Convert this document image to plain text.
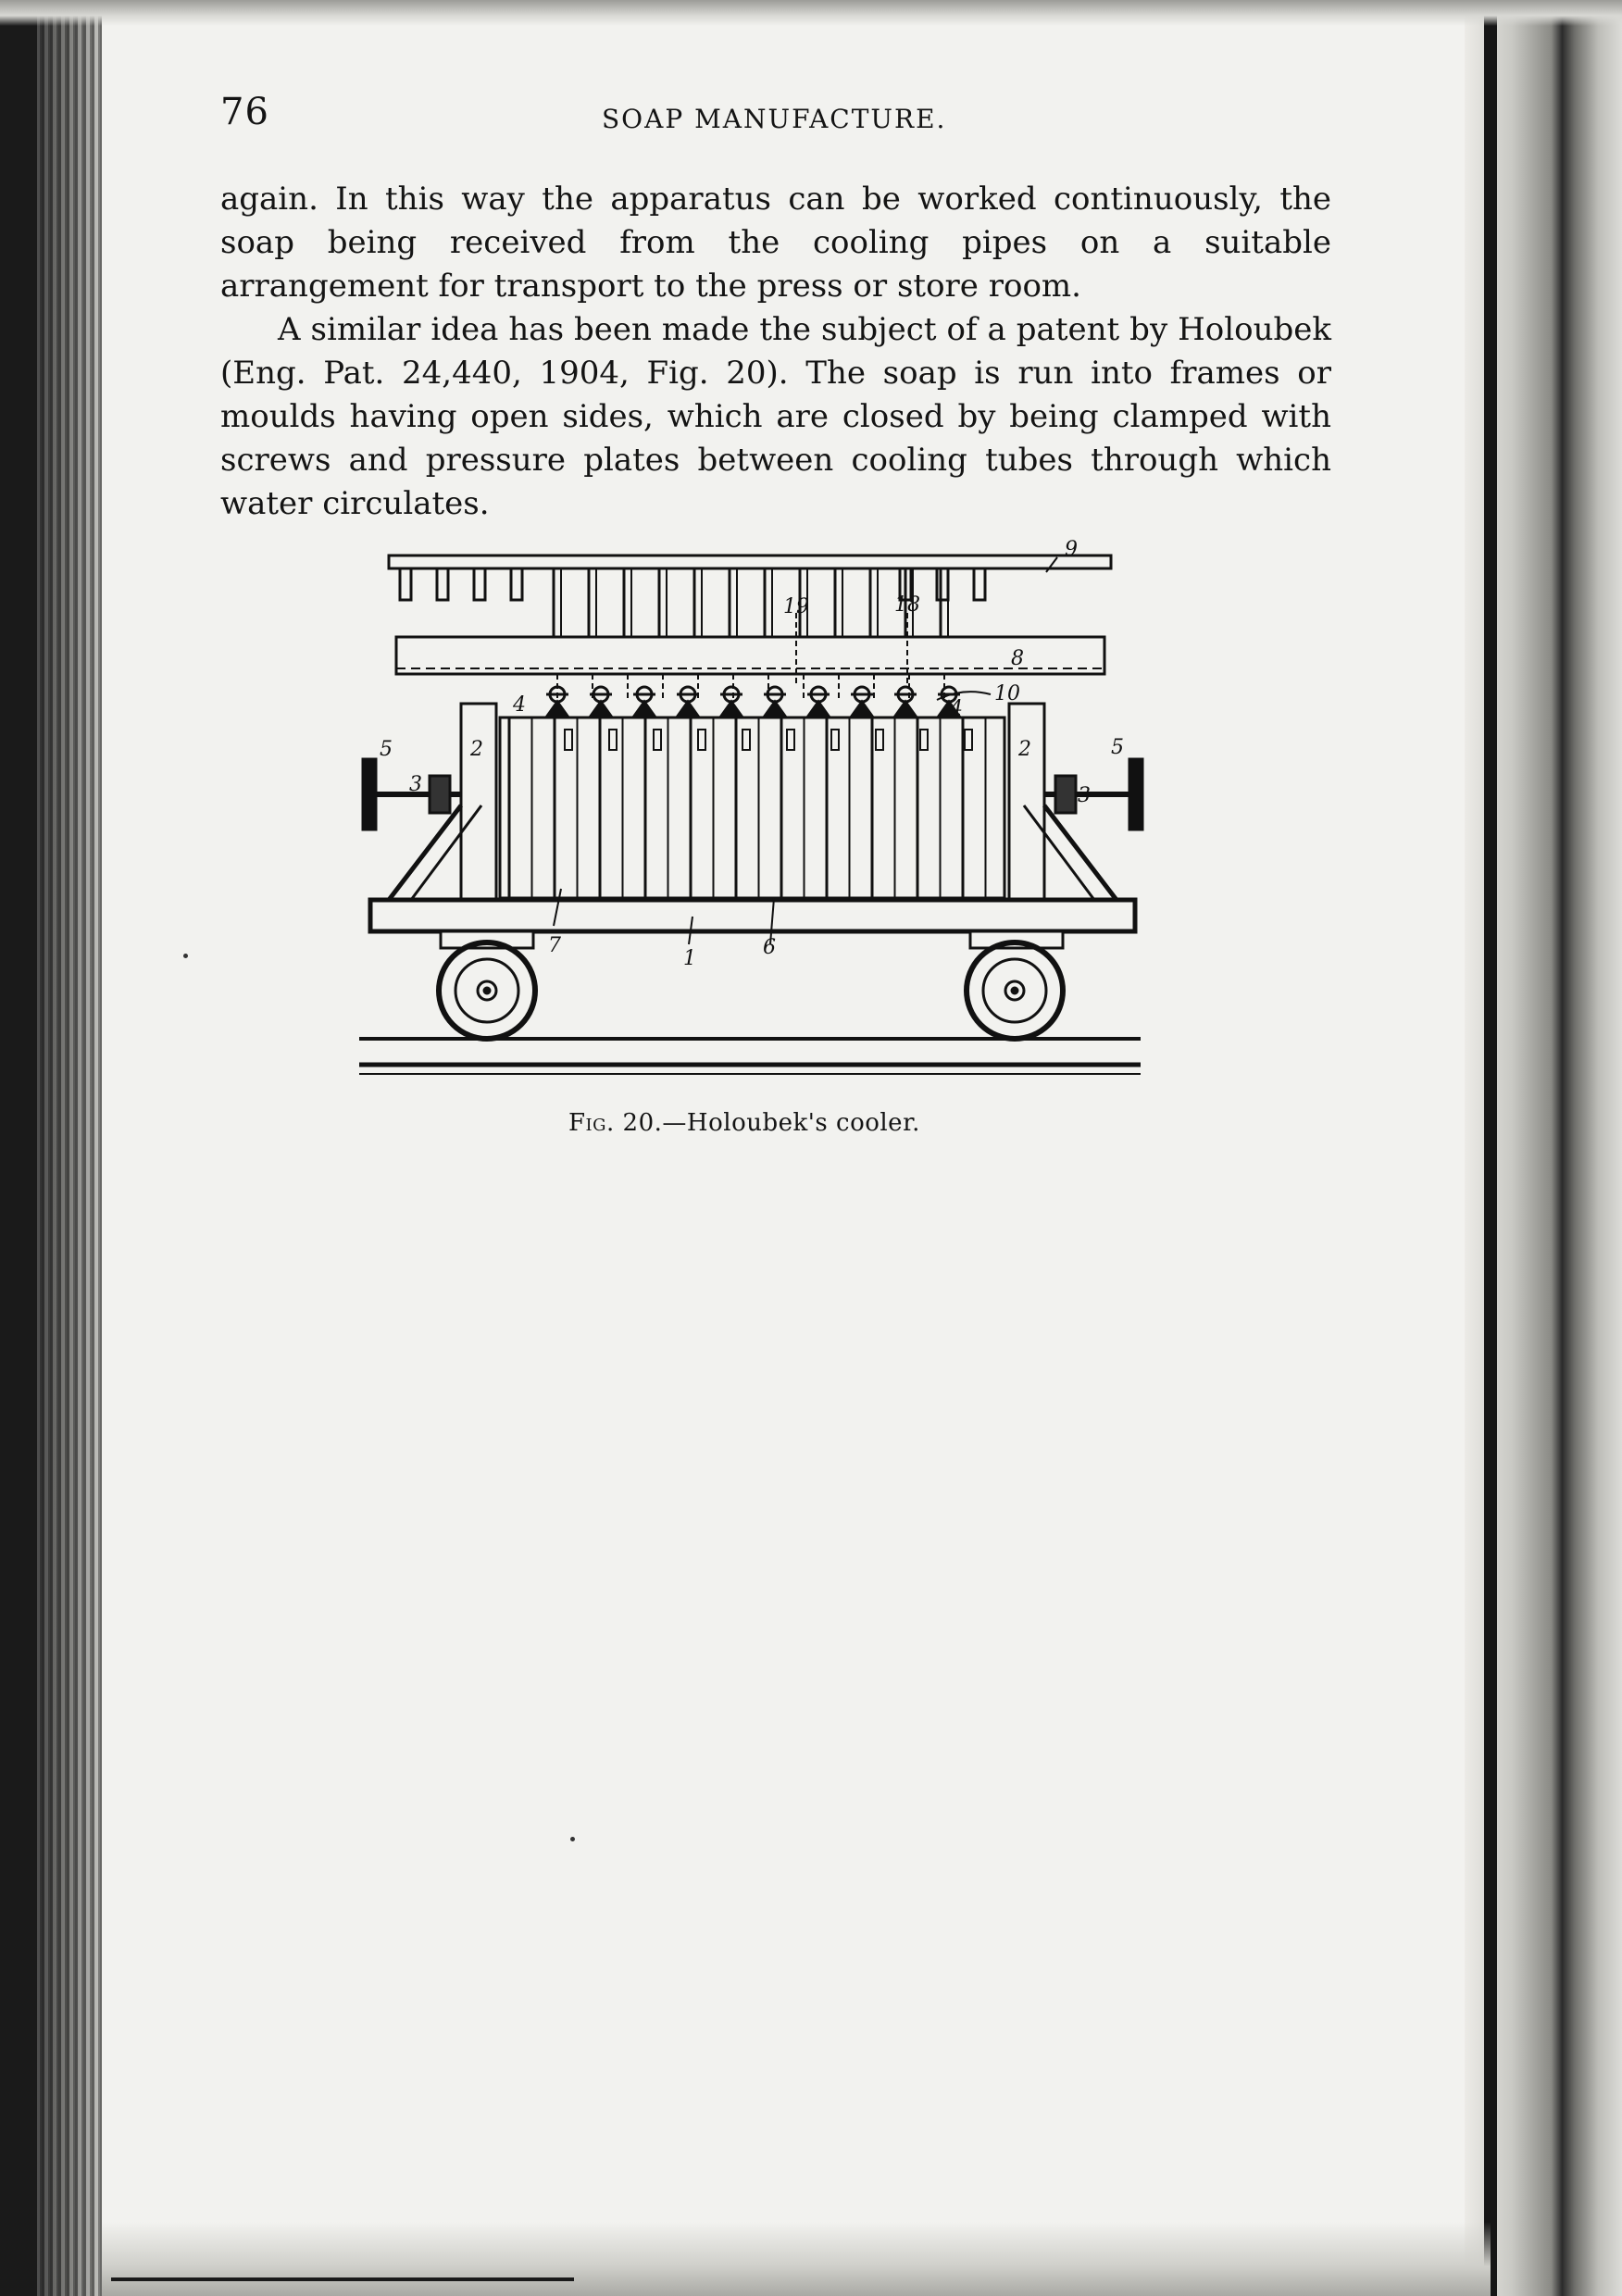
76	SOAP MANUFACTURE.

again. In this way the apparatus can be worked continuously, the soap being received from the cooling pipes on a suitable arrangement for transport to the press or store room.

A similar idea has been made the subject of a patent by Holoubek (Eng. Pat. 24,440, 1904, Fig. 20). The soap is run into frames or moulds having open sides, which are closed by being clamped with screws and pressure plates between cooling tubes through which water circulates.

9
19	18
8
10
4	4
5	5
3	3
2	2
7
1	6
Fig. 20.—Holoubek's cooler.
